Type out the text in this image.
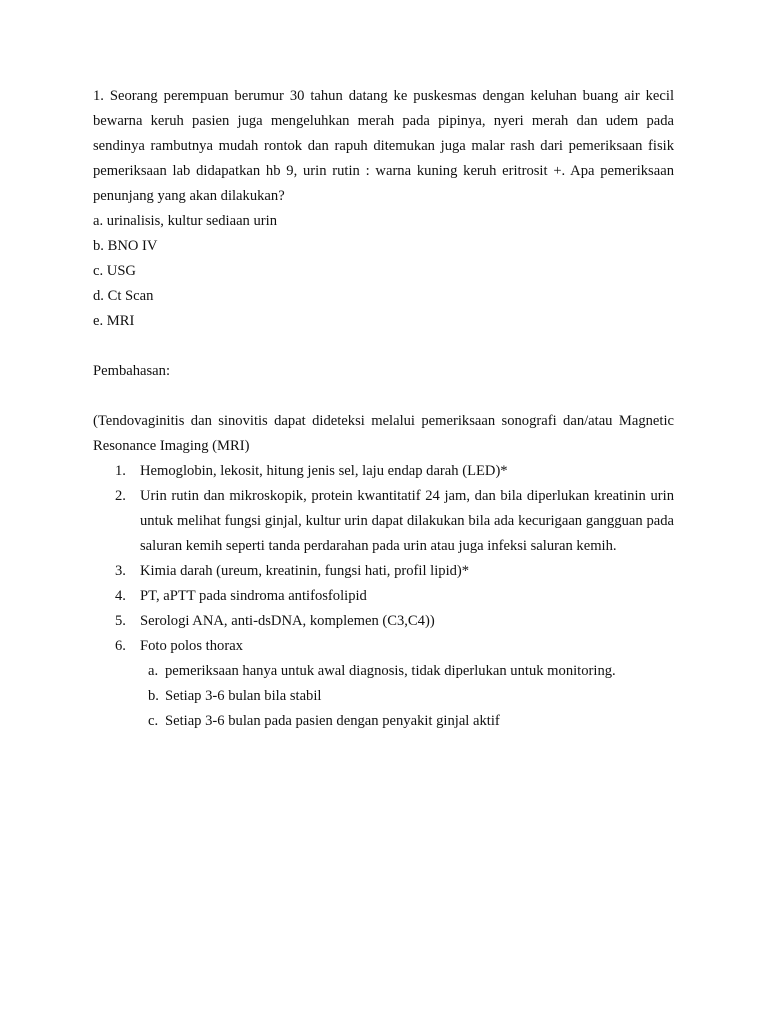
1. Seorang perempuan berumur 30 tahun datang ke puskesmas dengan keluhan buang air kecil bewarna keruh pasien juga mengeluhkan merah pada pipinya, nyeri merah dan udem pada sendinya rambutnya mudah rontok dan rapuh ditemukan juga malar rash dari pemeriksaan fisik pemeriksaan lab didapatkan hb 9, urin rutin : warna kuning keruh eritrosit +. Apa pemeriksaan penunjang yang akan dilakukan?

a. urinalisis, kultur sediaan urin
b. BNO IV
c. USG
d. Ct Scan
e. MRI

Pembahasan:

(Tendovaginitis dan sinovitis dapat dideteksi melalui pemeriksaan sonografi dan/atau Magnetic Resonance Imaging (MRI)

1. Hemoglobin, lekosit, hitung jenis sel, laju endap darah (LED)*
2. Urin rutin dan mikroskopik, protein kwantitatif 24 jam, dan bila diperlukan kreatinin urin untuk melihat fungsi ginjal, kultur urin dapat dilakukan bila ada kecurigaan gangguan pada saluran kemih seperti tanda perdarahan pada urin atau juga infeksi saluran kemih.
3. Kimia darah (ureum, kreatinin, fungsi hati, profil lipid)*
4. PT, aPTT pada sindroma antifosfolipid
5. Serologi ANA, anti-dsDNA, komplemen (C3,C4))
6. Foto polos thorax
a. pemeriksaan hanya untuk awal diagnosis, tidak diperlukan untuk monitoring.
b. Setiap 3-6 bulan bila stabil
c. Setiap 3-6 bulan pada pasien dengan penyakit ginjal aktif
